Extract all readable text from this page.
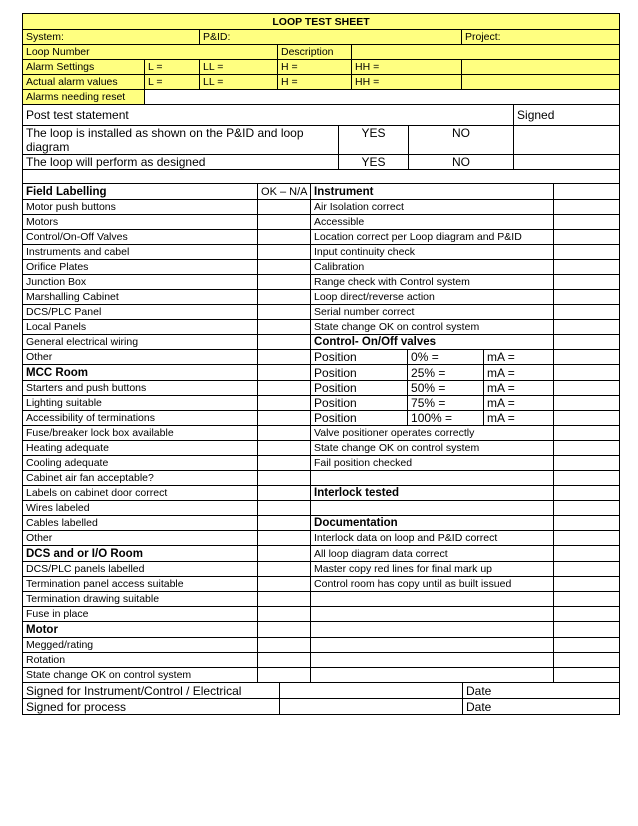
LOOP TEST SHEET					
System:		P&ID:			Project:
Loop Number			Description		
Alarm Settings	L =	LL =	H =	HH =	
Actual alarm values	L =	LL =	H =	HH =	
Alarms needing reset					
Post test statement			Signed
The loop is installed as shown on the P&ID and loop diagram	YES	NO	
The loop will perform as designed	YES	NO	

Field Labelling	OK – N/A	Instrument			
Motor push buttons		Air Isolation correct			
Motors		Accessible			
Control/On-Off Valves		Location correct per Loop diagram and P&ID			
Instruments and cabel		Input continuity check			
Orifice Plates		Calibration			
Junction Box		Range check with Control system			
Marshalling Cabinet		Loop direct/reverse action			
DCS/PLC Panel		Serial number correct			
Local Panels		State change OK on control system			
General electrical wiring		Control- On/Off valves			
Other		Position	0% =	mA =	
MCC Room		Position	25% =	mA =	
Starters and push buttons		Position	50% =	mA =	
Lighting suitable		Position	75% =	mA =	
Accessibility of terminations		Position	100% =	mA =	
Fuse/breaker lock box available		Valve positioner operates correctly			
Heating adequate		State change OK on control system			
Cooling adequate		Fail position checked			
Cabinet air fan acceptable?					
Labels on cabinet door correct		Interlock tested			
Wires labeled					
Cables labelled		Documentation			
Other		Interlock data on loop and P&ID correct			
DCS and or I/O Room		All loop diagram data correct			
DCS/PLC panels labelled		Master copy red lines for final mark up			
Termination panel access suitable		Control room has copy until as built issued			
Termination drawing suitable					
Fuse in place					
Motor					
Megged/rating					
Rotation					
State change OK on control system					
Signed for Instrument/Control / Electrical		Date
Signed for process		Date
